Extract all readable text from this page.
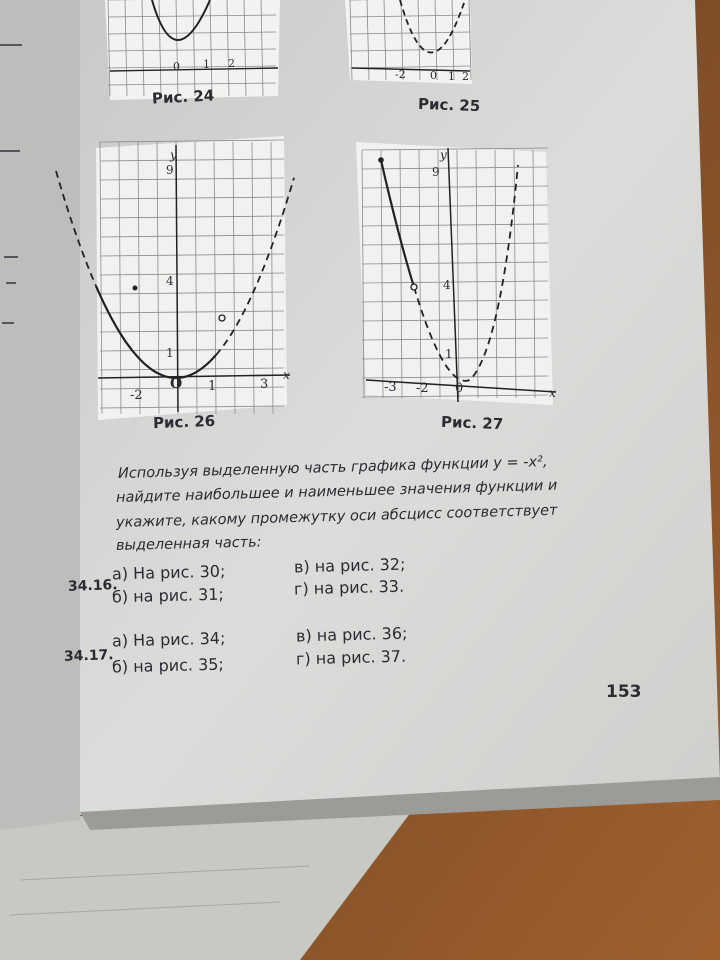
Рис. 24
0 1 2
Рис. 25
-2 0 1 2
y
x
9
4
1
-2
O 1	3
Рис. 26
y
x
9
4
1
-3 -2 0
Рис. 27
Используя выделенную часть графика функции y = -x²,
найдите наибольшее и наименьшее значения функции и
укажите, какому промежутку оси абсцисс соответствует
выделенная часть:
34.16.
а) На рис. 30;
б) на рис. 31;
в) на рис. 32;
г) на рис. 33.
34.17.
а) На рис. 34;
б) на рис. 35;
в) на рис. 36;
г) на рис. 37.
153
